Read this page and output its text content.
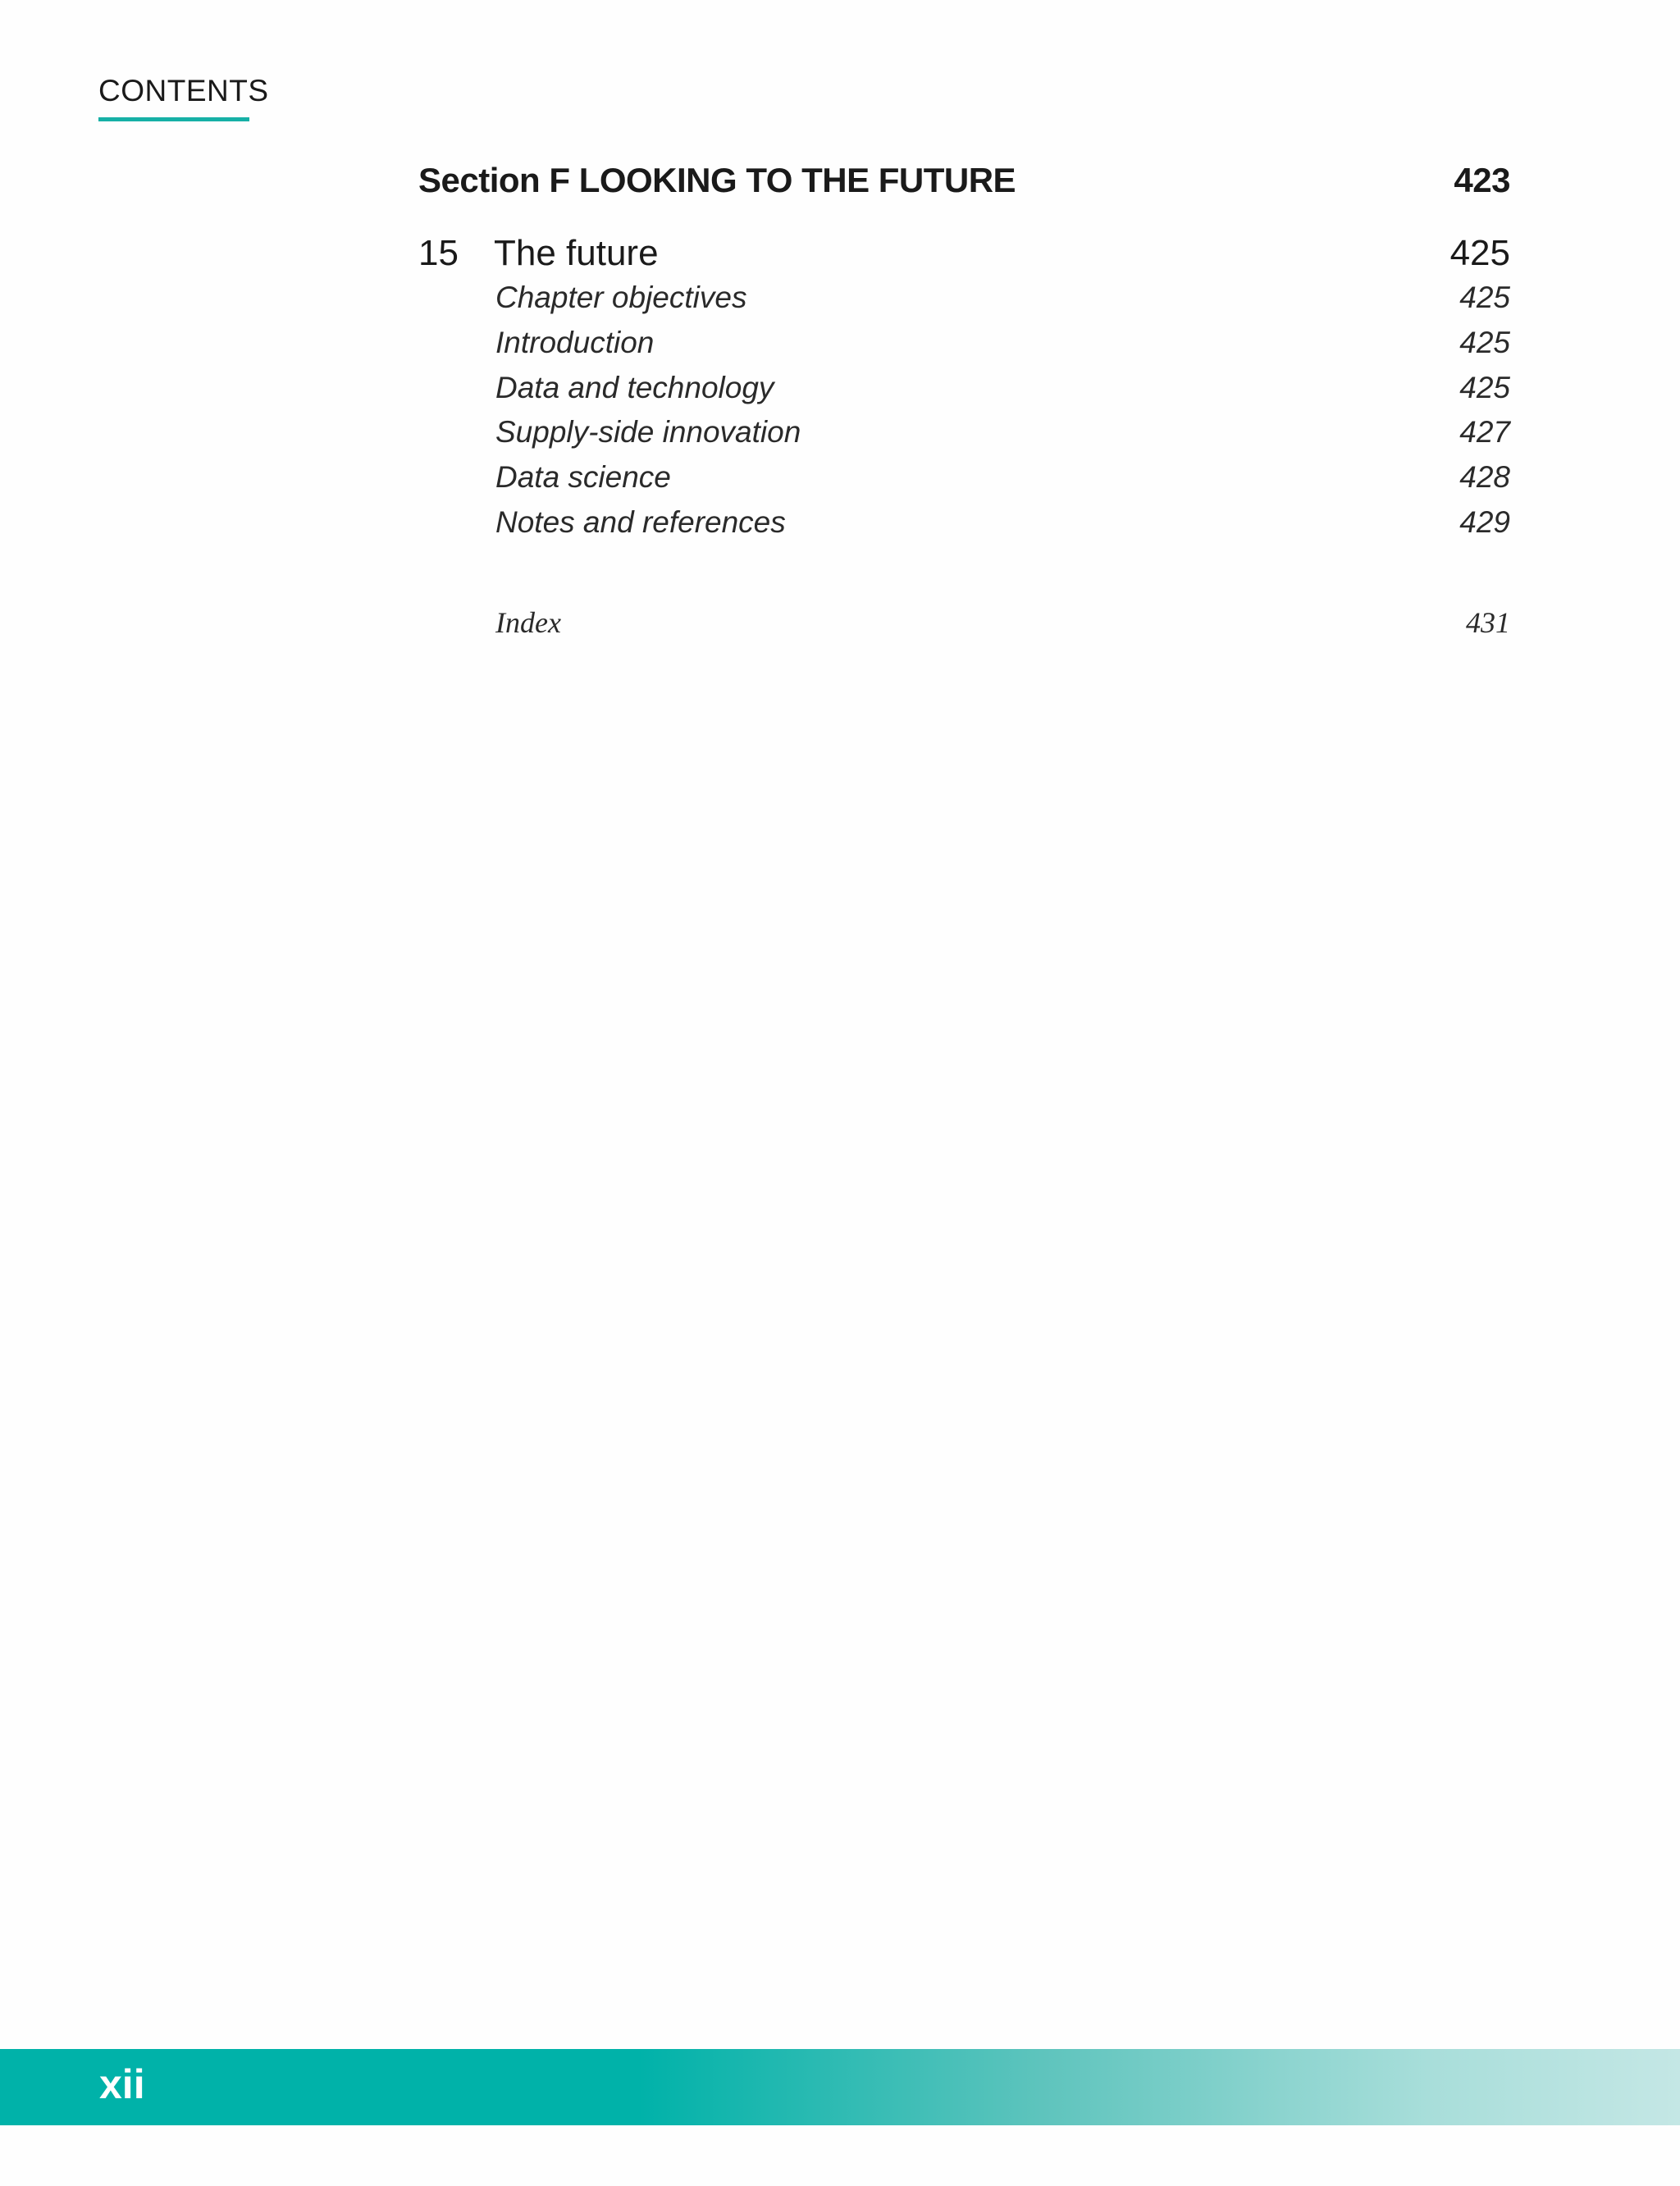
CONTENTS
Section F LOOKING TO THE FUTURE	423
15 The future	425
Chapter objectives	425
Introduction	425
Data and technology	425
Supply-side innovation	427
Data science	428
Notes and references	429
Index	431
xii
